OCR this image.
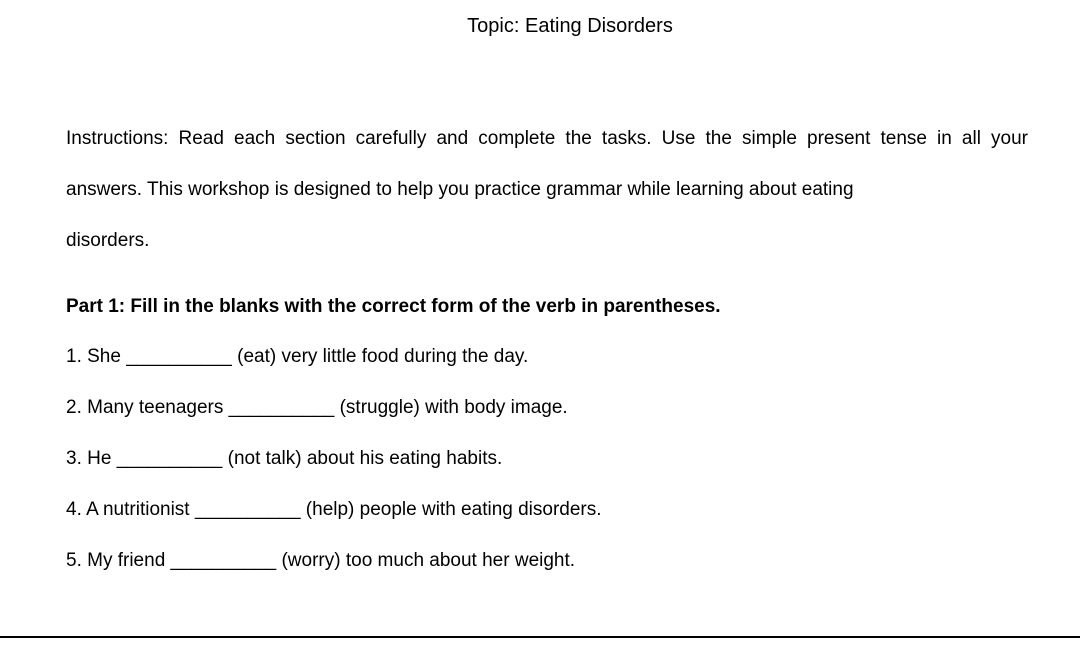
Topic: Eating Disorders
Instructions: Read each section carefully and complete the tasks. Use the simple present tense in all your answers. This workshop is designed to help you practice grammar while learning about eating
disorders.
Part 1: Fill in the blanks with the correct form of the verb in parentheses.
1. She __________ (eat) very little food during the day.
2. Many teenagers __________ (struggle) with body image.
3. He __________ (not talk) about his eating habits.
4. A nutritionist __________ (help) people with eating disorders.
5. My friend __________ (worry) too much about her weight.
